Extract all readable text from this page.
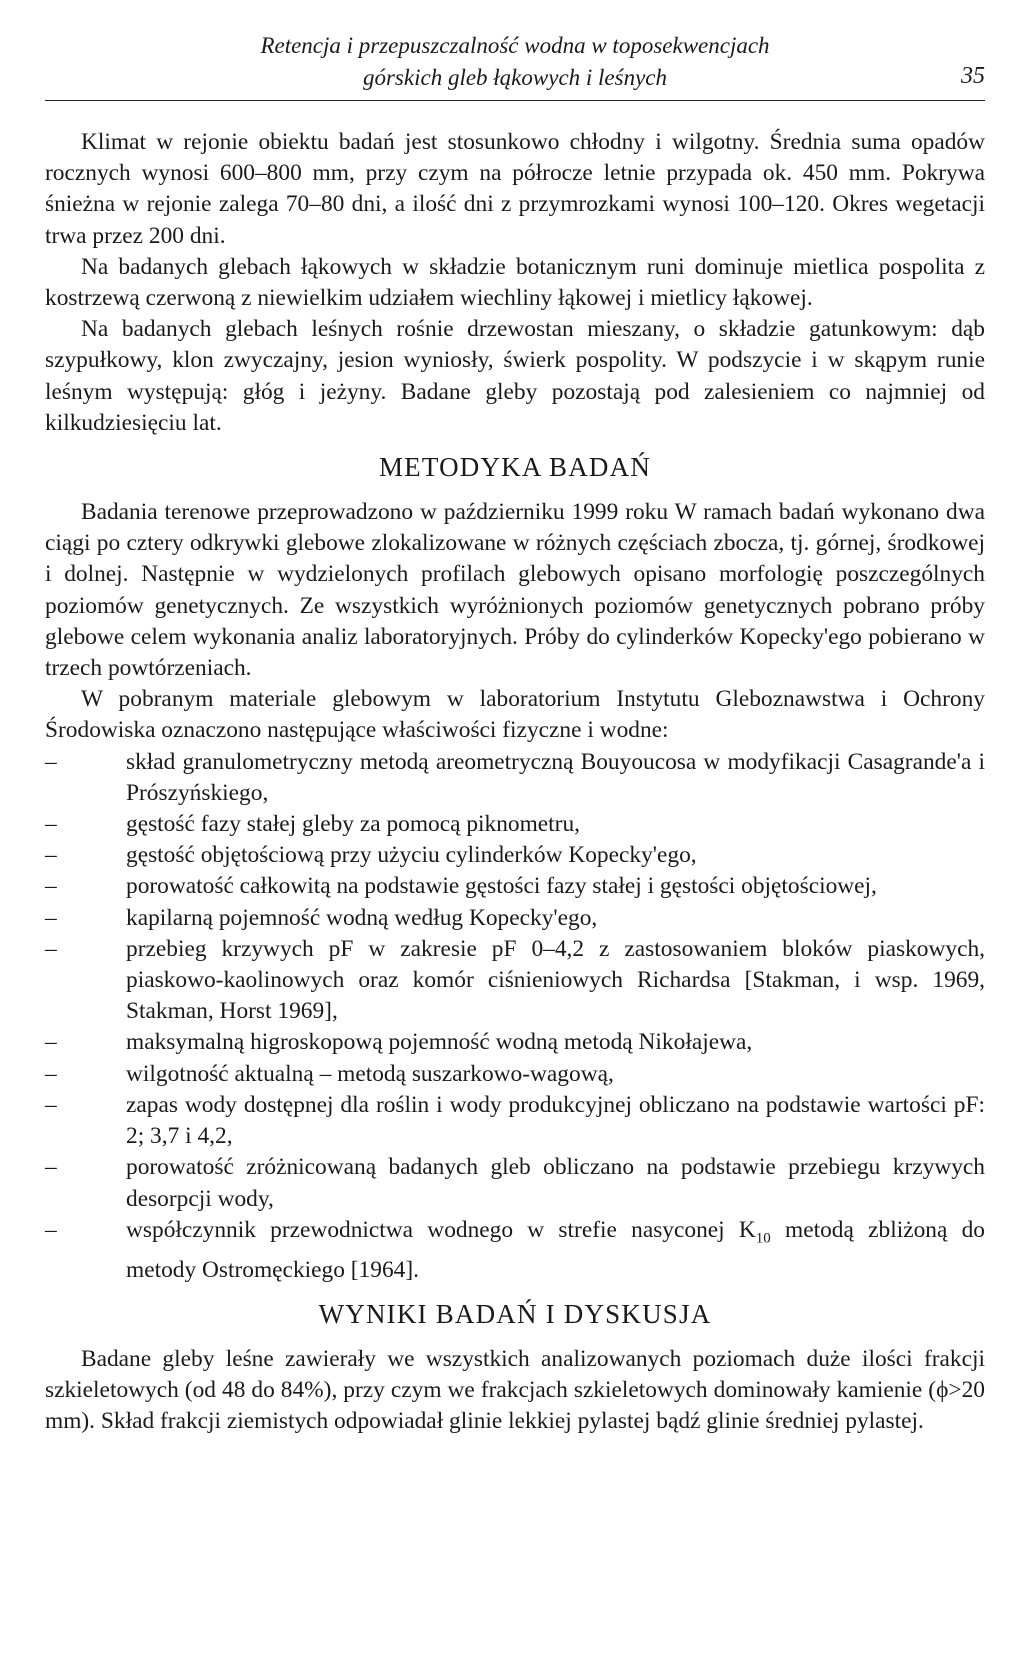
Retencja i przepuszczalność wodna w toposekwencjach
górskich gleb łąkowych i leśnych	35

Klimat w rejonie obiektu badań jest stosunkowo chłodny i wilgotny. Średnia suma opadów rocznych wynosi 600–800 mm, przy czym na półrocze letnie przypada ok. 450 mm. Pokrywa śnieżna w rejonie zalega 70–80 dni, a ilość dni z przymrozkami wynosi 100–120. Okres wegetacji trwa przez 200 dni.

Na badanych glebach łąkowych w składzie botanicznym runi dominuje mietlica pospolita z kostrzewą czerwoną z niewielkim udziałem wiechliny łąkowej i mietlicy łąkowej.

Na badanych glebach leśnych rośnie drzewostan mieszany, o składzie gatunkowym: dąb szypułkowy, klon zwyczajny, jesion wyniosły, świerk pospolity. W podszycie i w skąpym runie leśnym występują: głóg i jeżyny. Badane gleby pozostają pod zalesieniem co najmniej od kilkudziesięciu lat.

METODYKA BADAŃ

Badania terenowe przeprowadzono w październiku 1999 roku W ramach badań wykonano dwa ciągi po cztery odkrywki glebowe zlokalizowane w różnych częściach zbocza, tj. górnej, środkowej i dolnej. Następnie w wydzielonych profilach glebowych opisano morfologię poszczególnych poziomów genetycznych. Ze wszystkich wyróżnionych poziomów genetycznych pobrano próby glebowe celem wykonania analiz laboratoryjnych. Próby do cylinderków Kopecky'ego pobierano w trzech powtórzeniach.

W pobranym materiale glebowym w laboratorium Instytutu Gleboznawstwa i Ochrony Środowiska oznaczono następujące właściwości fizyczne i wodne:

–	skład granulometryczny metodą areometryczną Bouyoucosa w modyfikacji Casagrande'a i Prószyńskiego,
–	gęstość fazy stałej gleby za pomocą piknometru,
–	gęstość objętościową przy użyciu cylinderków Kopecky'ego,
–	porowatość całkowitą na podstawie gęstości fazy stałej i gęstości objętościowej,
–	kapilarną pojemność wodną według Kopecky'ego,
–	przebieg krzywych pF w zakresie pF 0–4,2 z zastosowaniem bloków piaskowych, piaskowo-kaolinowych oraz komór ciśnieniowych Richardsa [Stakman, i wsp. 1969, Stakman, Horst 1969],
–	maksymalną higroskopową pojemność wodną metodą Nikołajewa,
–	wilgotność aktualną – metodą suszarkowo-wagową,
–	zapas wody dostępnej dla roślin i wody produkcyjnej obliczano na podstawie wartości pF: 2; 3,7 i 4,2,
–	porowatość zróżnicowaną badanych gleb obliczano na podstawie przebiegu krzywych desorpcji wody,
–	współczynnik przewodnictwa wodnego w strefie nasyconej $K_{10}$ metodą zbliżoną do metody Ostromęckiego [1964].
WYNIKI BADAŃ I DYSKUSJA

Badane gleby leśne zawierały we wszystkich analizowanych poziomach duże ilości frakcji szkieletowych (od 48 do 84%), przy czym we frakcjach szkieletowych dominowały kamienie (ϕ>20 mm). Skład frakcji ziemistych odpowiadał glinie lekkiej pylastej bądź glinie średniej pylastej.
